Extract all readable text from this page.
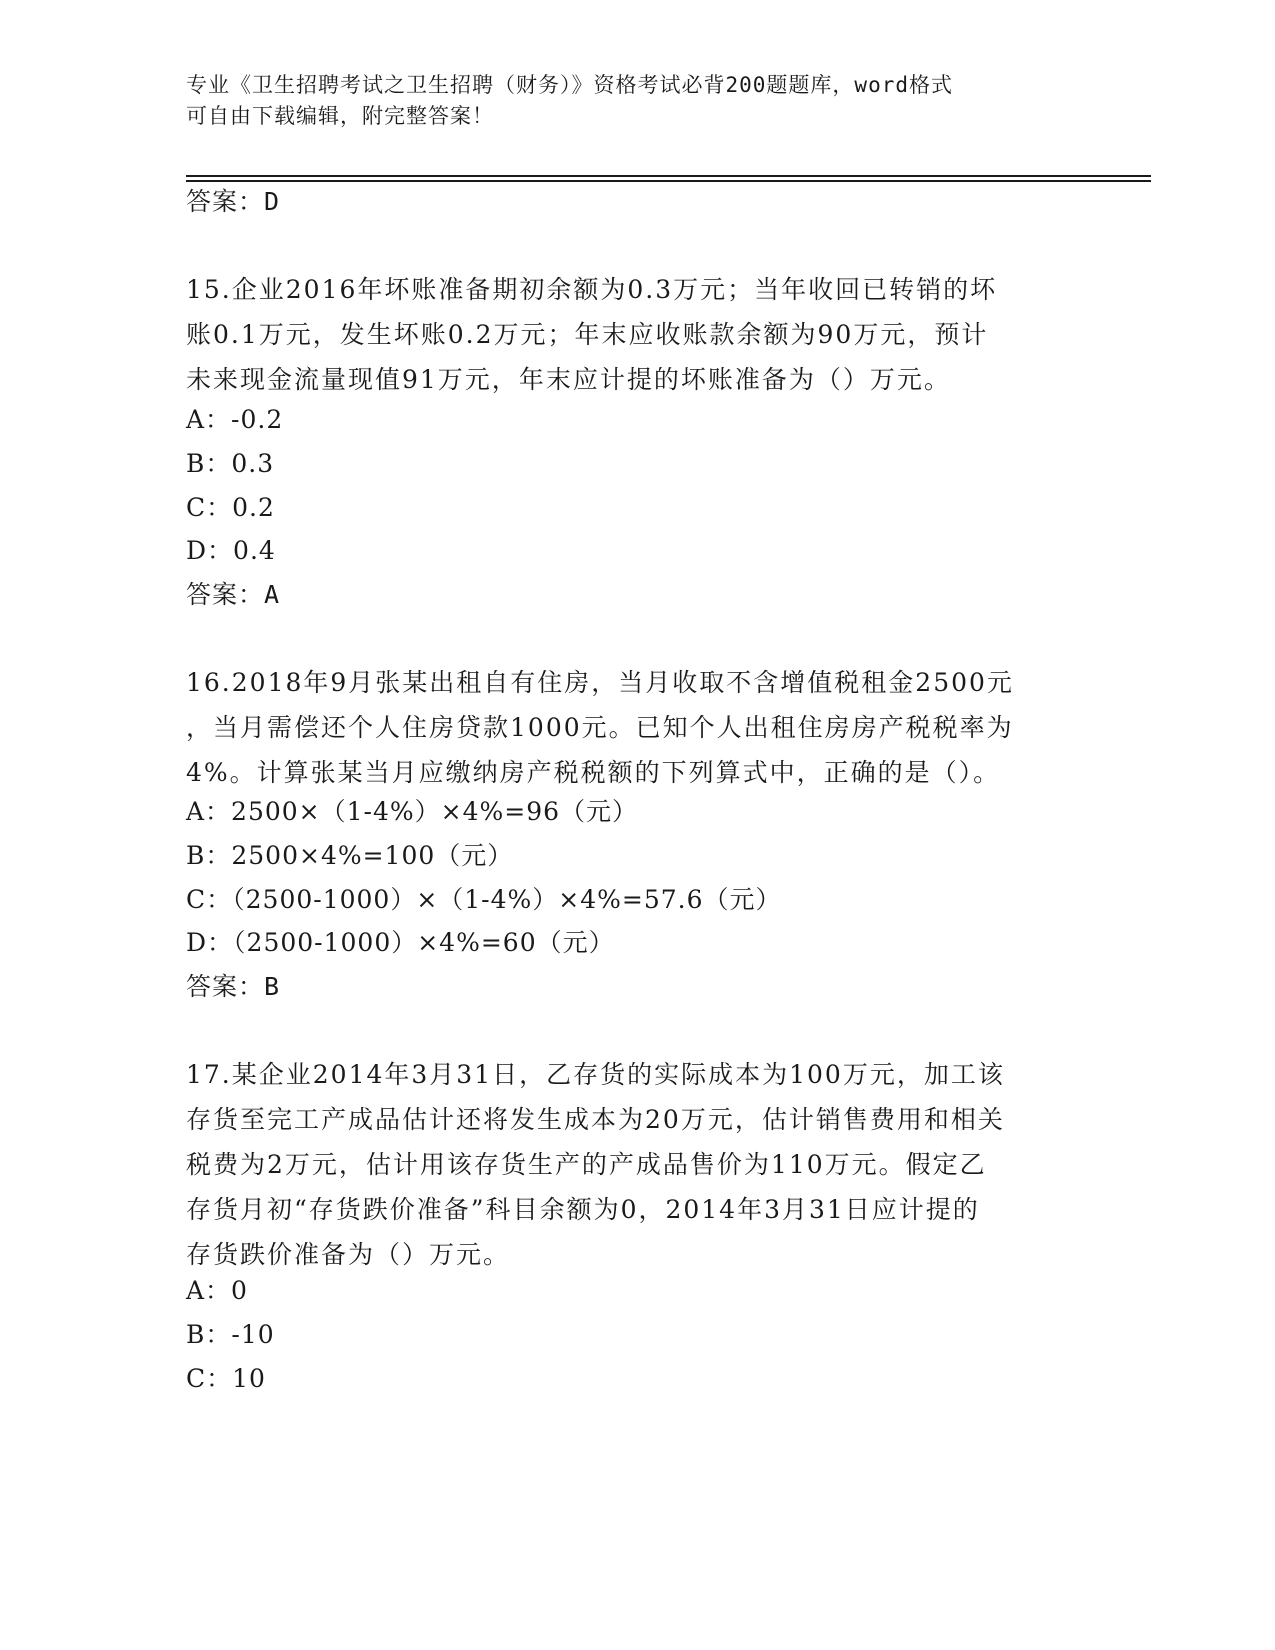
专业《卫生招聘考试之卫生招聘（财务）》资格考试必背200题题库，word格式
可自由下载编辑，附完整答案！
答案：D
15.企业2016年坏账准备期初余额为0.3万元；当年收回已转销的坏
账0.1万元，发生坏账0.2万元；年末应收账款余额为90万元，预计
未来现金流量现值91万元，年末应计提的坏账准备为（）万元。
A：-0.2
B：0.3
C：0.2
D：0.4
答案：A
16.2018年9月张某出租自有住房，当月收取不含增值税租金2500元
，当月需偿还个人住房贷款1000元。已知个人出租住房房产税税率为
4%。计算张某当月应缴纳房产税税额的下列算式中，正确的是（）。
A：2500×（1-4%）×4%=96（元）
B：2500×4%=100（元）
C：（2500-1000）×（1-4%）×4%=57.6（元）
D：（2500-1000）×4%=60（元）
答案：B
17.某企业2014年3月31日，乙存货的实际成本为100万元，加工该
存货至完工产成品估计还将发生成本为20万元，估计销售费用和相关
税费为2万元，估计用该存货生产的产成品售价为110万元。假定乙
存货月初“存货跌价准备”科目余额为0，2014年3月31日应计提的
存货跌价准备为（）万元。
A：0
B：-10
C：10
